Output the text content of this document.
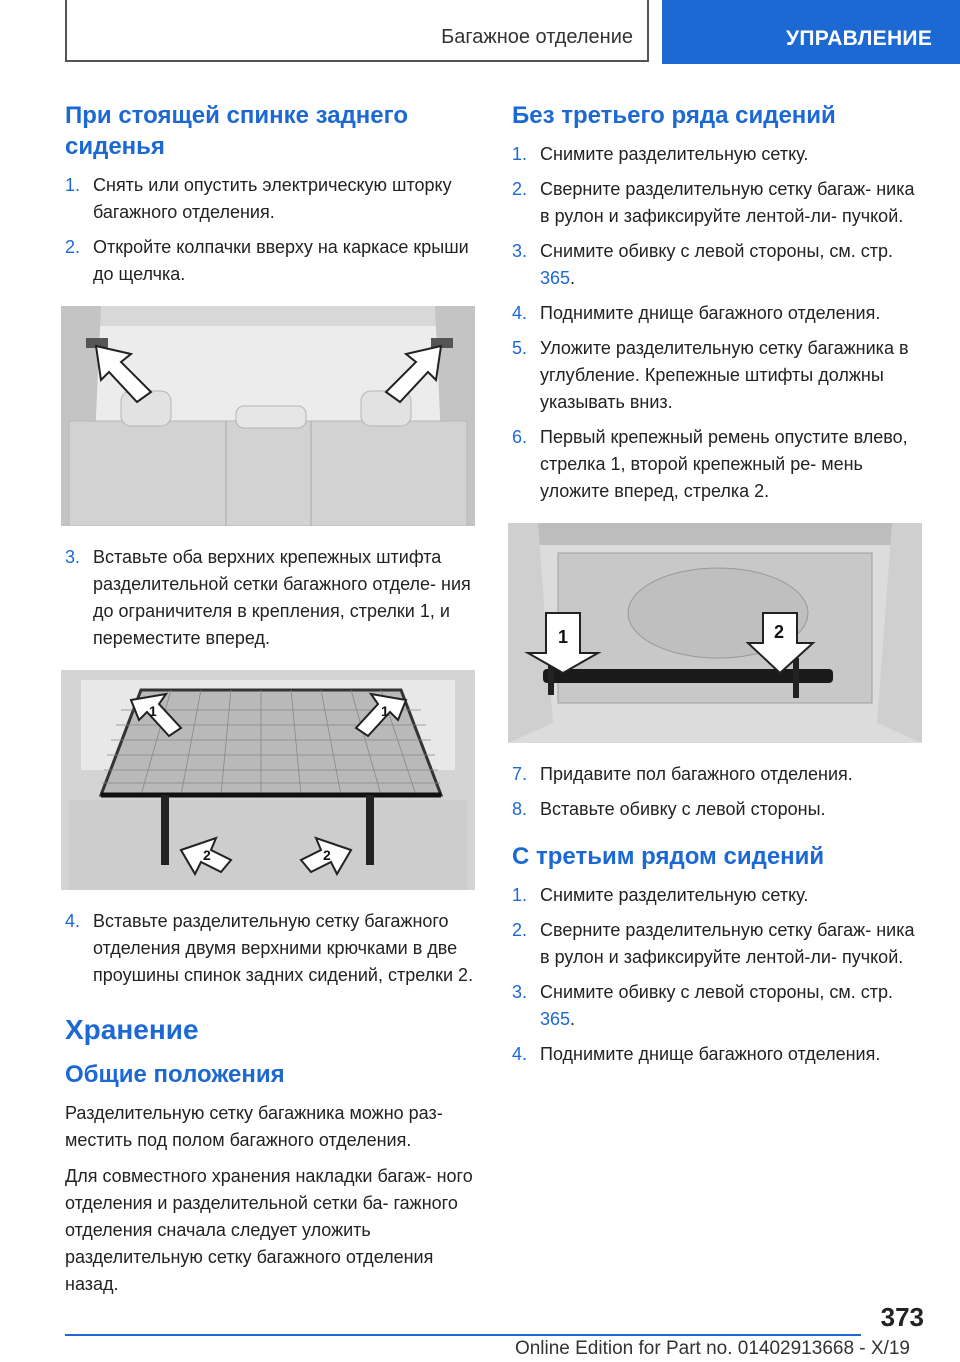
Багажное отделение	УПРАВЛЕНИЕ
При стоящей спинке заднего сиденья
1. Снять или опустить электрическую шторку багажного отделения.
2. Откройте колпачки вверху на каркасе крыши до щелчка.
3. Вставьте оба верхних крепежных штифта разделительной сетки багажного отделе- ния до ограничителя в крепления, стрелки 1, и переместите вперед.
1	1
2	2
4. Вставьте разделительную сетку багажного отделения двумя верхними крючками в две проушины спинок задних сидений, стрелки 2.
Хранение
Общие положения

Разделительную сетку багажника можно раз- местить под полом багажного отделения.

Для совместного хранения накладки багаж- ного отделения и разделительной сетки ба- гажного отделения сначала следует уложить разделительную сетку багажного отделения назад.

Без третьего ряда сидений
1. Снимите разделительную сетку.
2. Сверните разделительную сетку багаж- ника в рулон и зафиксируйте лентой-ли- пучкой.
3. Снимите обивку с левой стороны, см. стр. 365.
4. Поднимите днище багажного отделения.
5. Уложите разделительную сетку багажника в углубление. Крепежные штифты должны указывать вниз.
6. Первый крепежный ремень опустите влево, стрелка 1, второй крепежный ре- мень уложите вперед, стрелка 2.
1	2
7. Придавите пол багажного отделения.
8. Вставьте обивку с левой стороны.
С третьим рядом сидений
1. Снимите разделительную сетку.
2. Сверните разделительную сетку багаж- ника в рулон и зафиксируйте лентой-ли- пучкой.
3. Снимите обивку с левой стороны, см. стр. 365.
4. Поднимите днище багажного отделения.
373
Online Edition for Part no. 01402913668 - X/19
